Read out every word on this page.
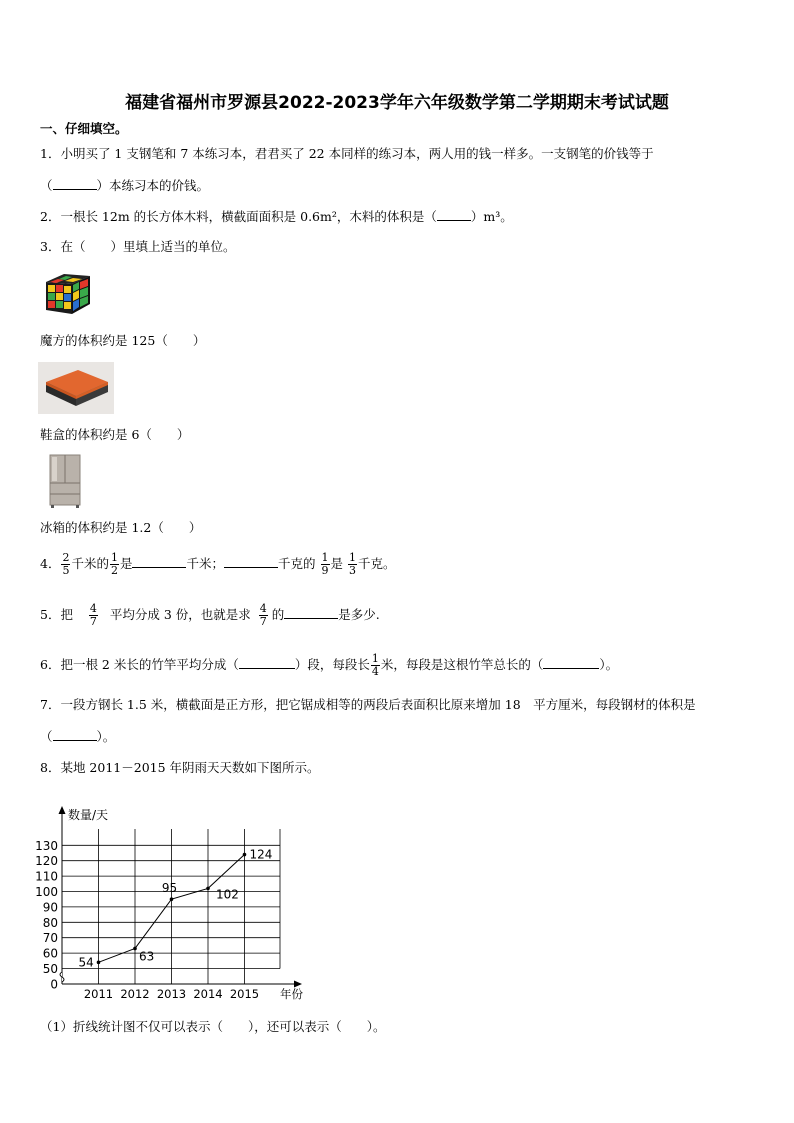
福建省福州市罗源县2022-2023学年六年级数学第二学期期末考试试题
一、仔细填空。
1．小明买了 1 支钢笔和 7 本练习本，君君买了 22 本同样的练习本，两人用的钱一样多。一支钢笔的价钱等于
（	）本练习本的价钱。
2．一根长 12m 的长方体木料，横截面面积是 0.6m²，木料的体积是（	）m³。
3．在（　　）里填上适当的单位。
魔方的体积约是 125（　　）
鞋盒的体积约是 6（　　）
冰箱的体积约是 1.2（　　）
4． $\frac{2}{5}$ 千米的 $\frac{1}{2}$ 是	千米；	千克的 $\frac{1}{9}$ 是 $\frac{1}{3}$ 千克。
5．把 $\frac{4}{7}$ 平均分成 3 份，也就是求 $\frac{4}{7}$ 的	是多少.
6．把一根 2 米长的竹竿平均分成（	）段，每段长 $\frac{1}{4}$ 米，每段是这根竹竿总长的（	）。
7．一段方钢长 1.5 米，横截面是正方形，把它锯成相等的两段后表面积比原来增加 18　平方厘米，每段钢材的体积是
（	）。
8．某地 2011－2015 年阴雨天天数如下图所示。
0
50
60
70
80
90
100
110
120
130
2011 2012 2013 2014 2015
数量/天
年份
54	63
95	102
124
（1）折线统计图不仅可以表示（　　），还可以表示（　　）。
